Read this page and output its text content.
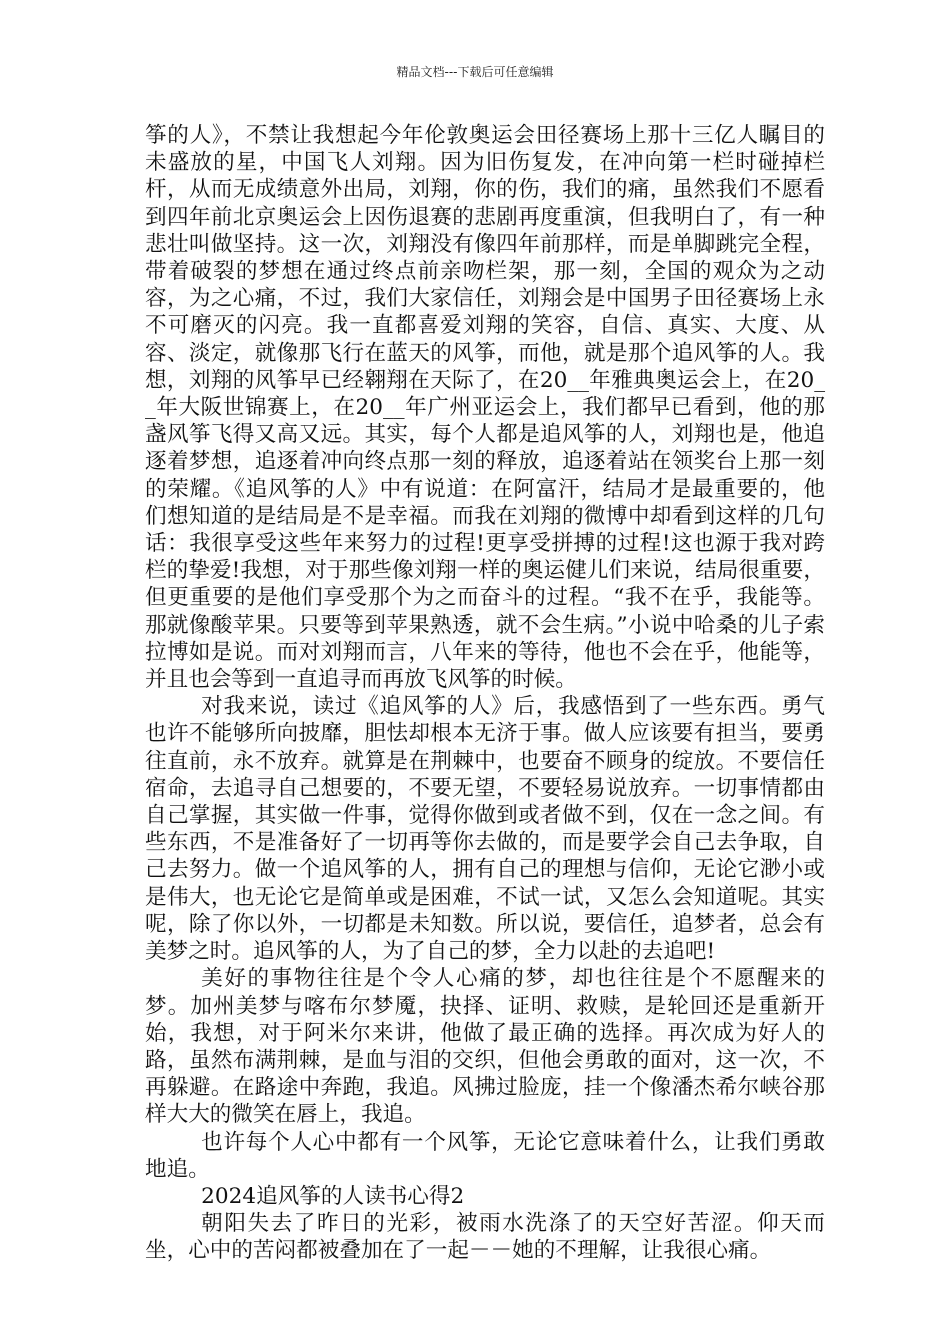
精品文档---下载后可任意编辑

筝的人》，不禁让我想起今年伦敦奥运会田径赛场上那十三亿人瞩目的未盛放的星，中国飞人刘翔。因为旧伤复发，在冲向第一栏时碰掉栏杆，从而无成绩意外出局，刘翔，你的伤，我们的痛，虽然我们不愿看到四年前北京奥运会上因伤退赛的悲剧再度重演，但我明白了，有一种悲壮叫做坚持。这一次，刘翔没有像四年前那样，而是单脚跳完全程，带着破裂的梦想在通过终点前亲吻栏架，那一刻，全国的观众为之动容，为之心痛，不过，我们大家信任，刘翔会是中国男子田径赛场上永不可磨灭的闪亮。我一直都喜爱刘翔的笑容，自信、真实、大度、从容、淡定，就像那飞行在蓝天的风筝，而他，就是那个追风筝的人。我想，刘翔的风筝早已经翱翔在天际了，在20__年雅典奥运会上，在20__年大阪世锦赛上，在20__年广州亚运会上，我们都早已看到，他的那盏风筝飞得又高又远。其实，每个人都是追风筝的人，刘翔也是，他追逐着梦想，追逐着冲向终点那一刻的释放，追逐着站在领奖台上那一刻的荣耀。《追风筝的人》中有说道：在阿富汗，结局才是最重要的，他们想知道的是结局是不是幸福。而我在刘翔的微博中却看到这样的几句话：我很享受这些年来努力的过程!更享受拼搏的过程!这也源于我对跨栏的挚爱!我想，对于那些像刘翔一样的奥运健儿们来说，结局很重要，但更重要的是他们享受那个为之而奋斗的过程。“我不在乎，我能等。那就像酸苹果。只要等到苹果熟透，就不会生病。”小说中哈桑的儿子索拉博如是说。而对刘翔而言，八年来的等待，他也不会在乎，他能等，并且也会等到一直追寻而再放飞风筝的时候。

对我来说，读过《追风筝的人》后，我感悟到了一些东西。勇气也许不能够所向披靡，胆怯却根本无济于事。做人应该要有担当，要勇往直前，永不放弃。就算是在荆棘中，也要奋不顾身的绽放。不要信任宿命，去追寻自己想要的，不要无望，不要轻易说放弃。一切事情都由自己掌握，其实做一件事，觉得你做到或者做不到，仅在一念之间。有些东西，不是准备好了一切再等你去做的，而是要学会自己去争取，自己去努力。做一个追风筝的人，拥有自己的理想与信仰，无论它渺小或是伟大，也无论它是简单或是困难，不试一试，又怎么会知道呢。其实呢，除了你以外，一切都是未知数。所以说，要信任，追梦者，总会有美梦之时。追风筝的人，为了自己的梦，全力以赴的去追吧!

美好的事物往往是个令人心痛的梦，却也往往是个不愿醒来的梦。加州美梦与喀布尔梦魇，抉择、证明、救赎，是轮回还是重新开始，我想，对于阿米尔来讲，他做了最正确的选择。再次成为好人的路，虽然布满荆棘，是血与泪的交织，但他会勇敢的面对，这一次，不再躲避。在路途中奔跑，我追。风拂过脸庞，挂一个像潘杰希尔峡谷那样大大的微笑在唇上，我追。

也许每个人心中都有一个风筝，无论它意味着什么，让我们勇敢地追。

2024追风筝的人读书心得2

朝阳失去了昨日的光彩，被雨水洗涤了的天空好苦涩。仰天而坐，心中的苦闷都被叠加在了一起－－她的不理解，让我很心痛。
